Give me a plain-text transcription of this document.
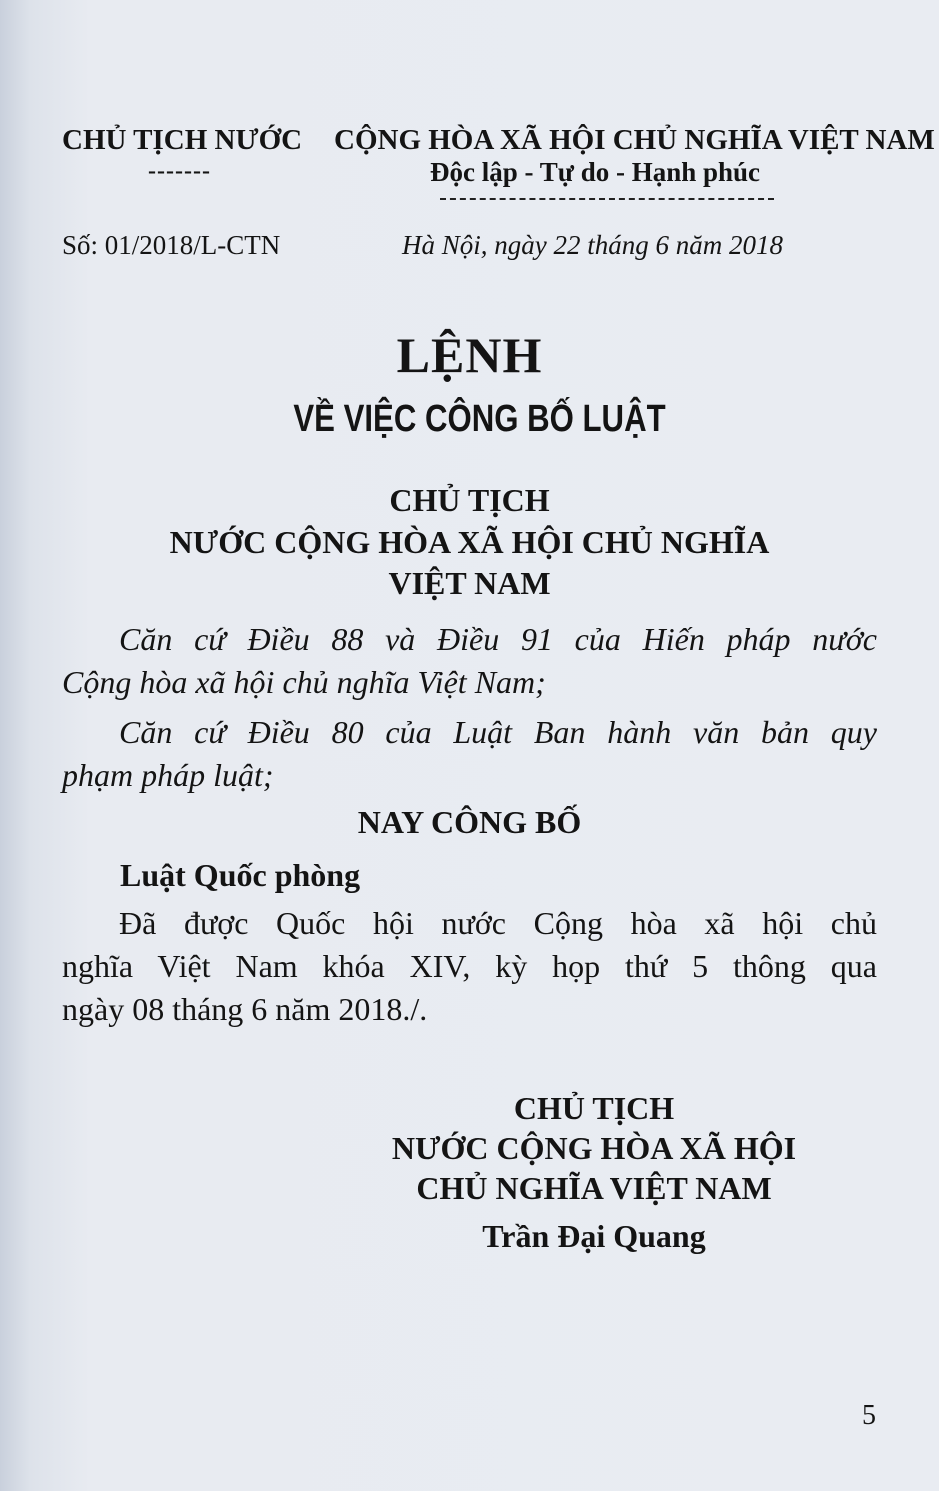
CHỦ TỊCH NƯỚC
-------
CỘNG HÒA XÃ HỘI CHỦ NGHĨA VIỆT NAM
Độc lập - Tự do - Hạnh phúc
Số: 01/2018/L-CTN	Hà Nội, ngày 22 tháng 6 năm 2018
LỆNH
VỀ VIỆC CÔNG BỐ LUẬT
CHỦ TỊCH
NƯỚC CỘNG HÒA XÃ HỘI CHỦ NGHĨA
VIỆT NAM
Căn cứ Điều 88 và Điều 91 của Hiến pháp nước
Cộng hòa xã hội chủ nghĩa Việt Nam;
Căn cứ Điều 80 của Luật Ban hành văn bản quy
phạm pháp luật;
NAY CÔNG BỐ
Luật Quốc phòng
Đã được Quốc hội nước Cộng hòa xã hội chủ
nghĩa Việt Nam khóa XIV, kỳ họp thứ 5 thông qua
ngày 08 tháng 6 năm 2018./.
CHỦ TỊCH
NƯỚC CỘNG HÒA XÃ HỘI
CHỦ NGHĨA VIỆT NAM
Trần Đại Quang
5
